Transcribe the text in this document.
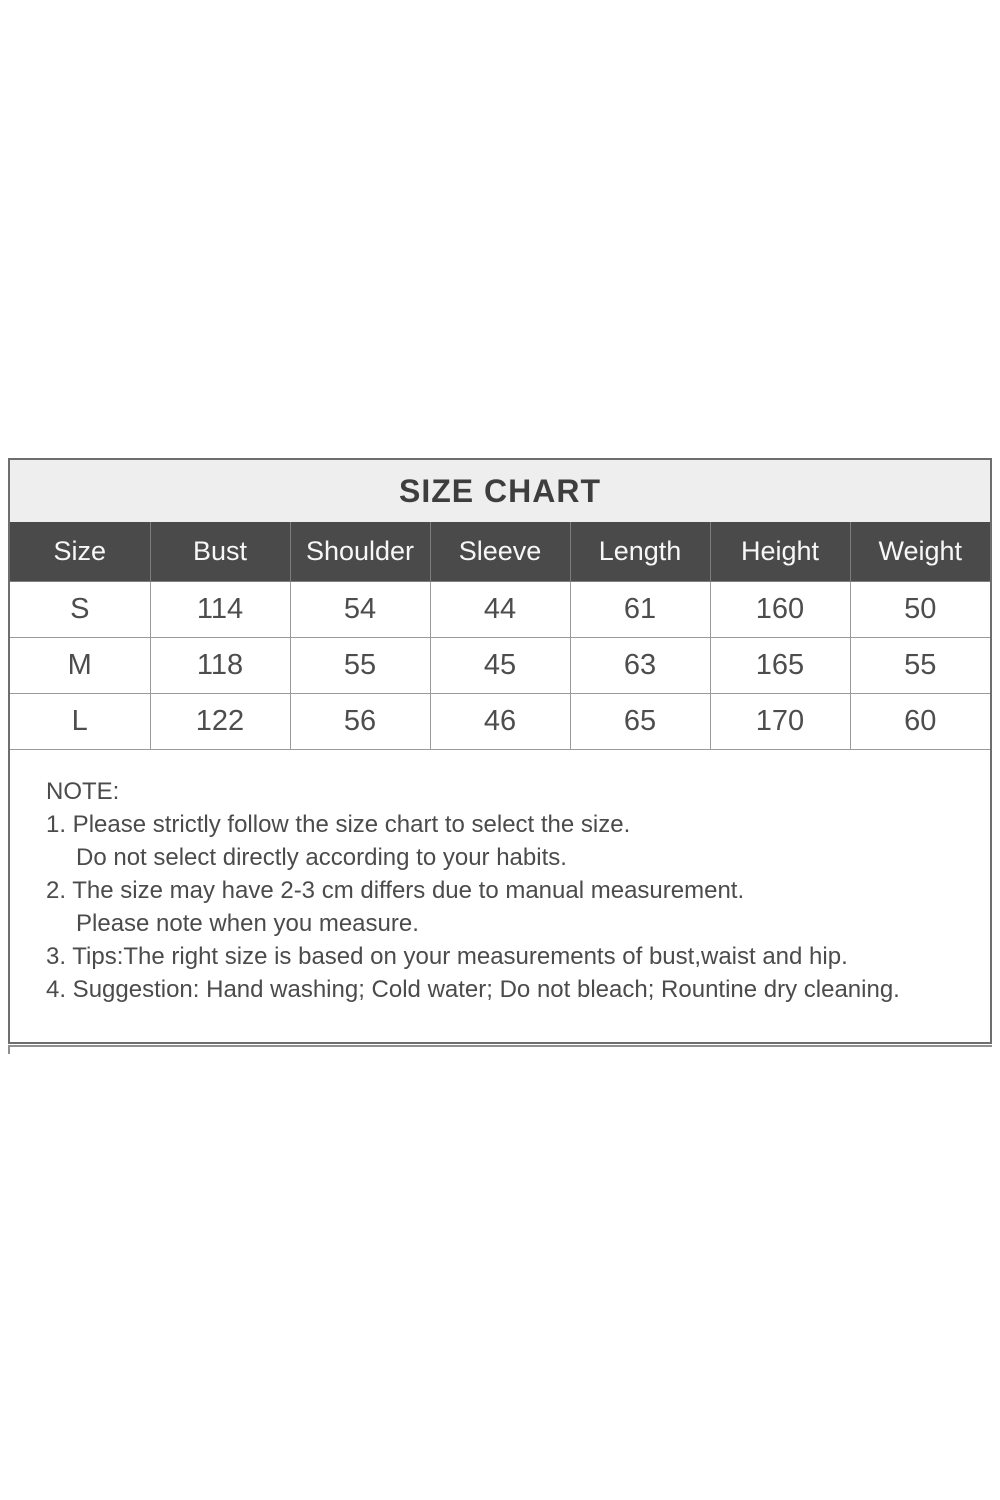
SIZE CHART
Size	Bust	Shoulder	Sleeve	Length	Height	Weight
S	114	54	44	61	160	50
M	118	55	45	63	165	55
L	122	56	46	65	170	60
NOTE:
1. Please strictly follow the size chart to select the size.
Do not select directly according to your habits.
2. The size may have 2-3 cm differs due to manual measurement.
Please note when you measure.
3. Tips:The right size is based on your measurements of bust,waist and hip.
4. Suggestion: Hand washing; Cold water; Do not bleach; Rountine dry cleaning.
